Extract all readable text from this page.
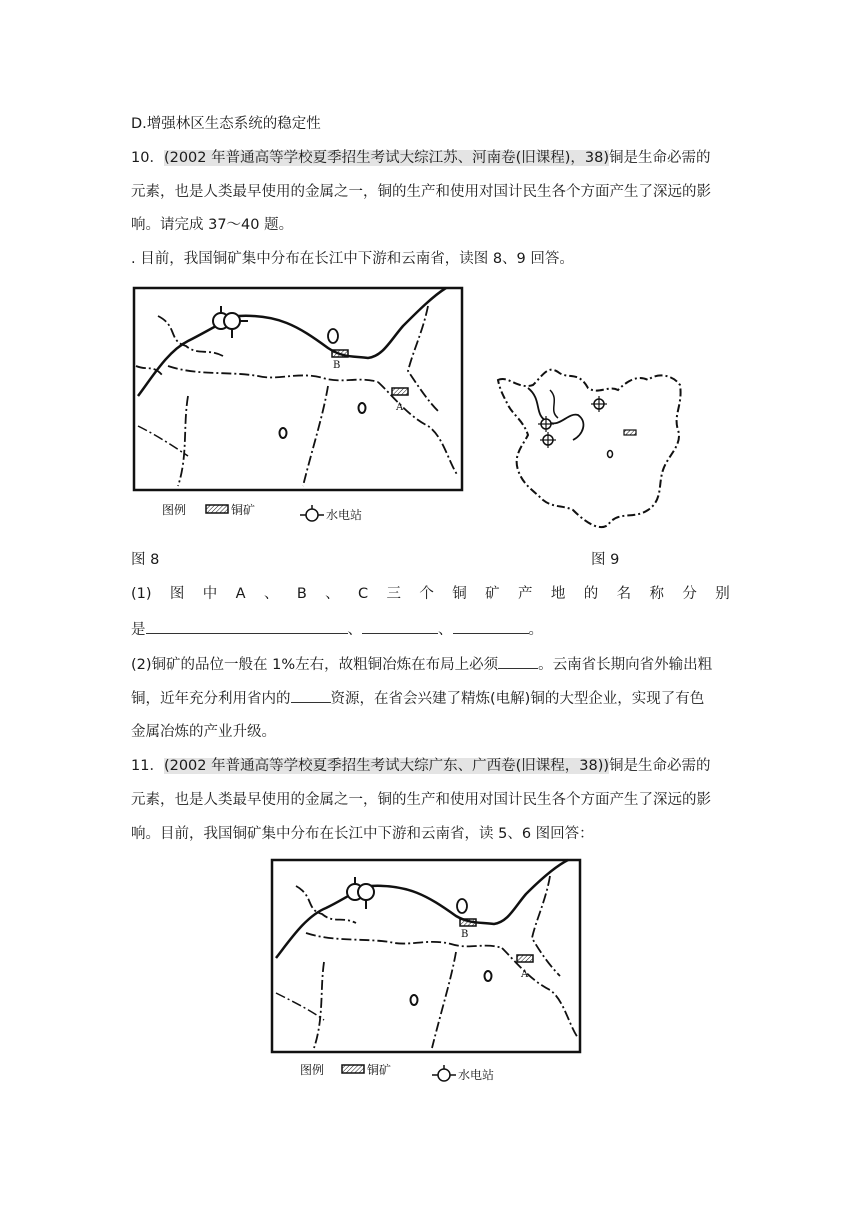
D.增强林区生态系统的稳定性
10．(2002 年普通高等学校夏季招生考试大综江苏、河南卷(旧课程)，38)铜是生命必需的
元素，也是人类最早使用的金属之一，铜的生产和使用对国计民生各个方面产生了深远的影
响。请完成 37～40 题。
. 目前，我国铜矿集中分布在长江中下游和云南省，读图 8、9 回答。
B
A
图例	铜矿	水电站
图 8	图 9
(1) 图 中 A 、 B 、 C 三 个 铜 矿 产 地 的 名 称 分 别
是	、	、	。
(2)铜矿的品位一般在 1%左右，故粗铜冶炼在布局上必须	。云南省长期向省外输出粗
铜，近年充分利用省内的	资源，在省会兴建了精炼(电解)铜的大型企业，实现了有色
金属冶炼的产业升级。
11．(2002 年普通高等学校夏季招生考试大综广东、广西卷(旧课程，38))铜是生命必需的
元素，也是人类最早使用的金属之一，铜的生产和使用对国计民生各个方面产生了深远的影
响。目前，我国铜矿集中分布在长江中下游和云南省，读 5、6 图回答：
B
A
图例	铜矿	水电站
